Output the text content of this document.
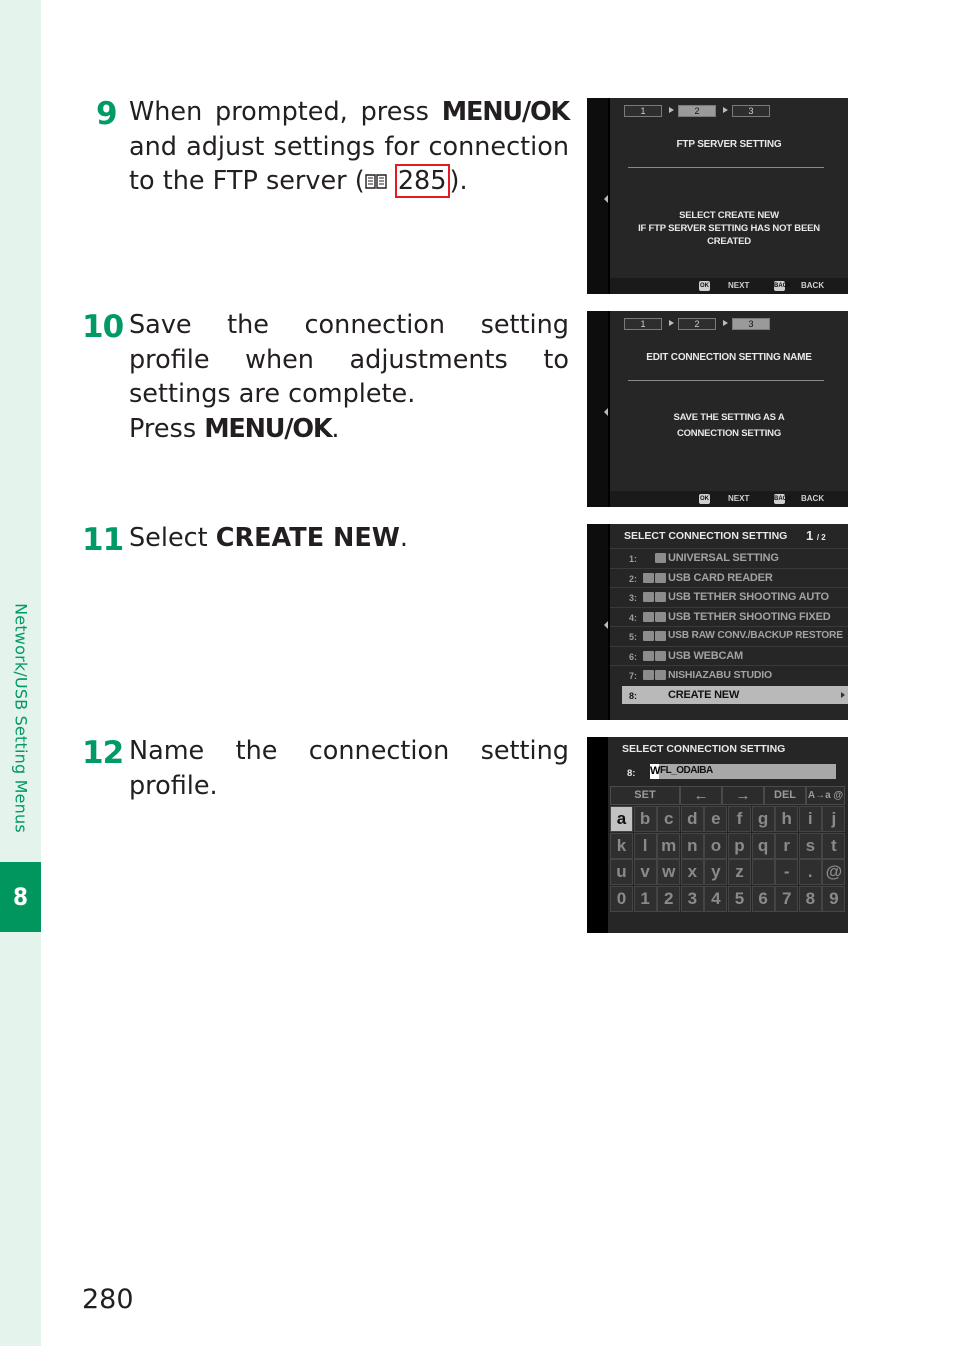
Network/USB Setting Menus
8
9 When prompted, press MENU/OK and adjust settings for connection to the FTP server ( 285 ).
10 Save the connection setting profile when adjustments to settings are complete.
Press MENU/OK.
11 Select CREATE NEW.
12 Name the connection setting profile.
1	2	3
FTP SERVER SETTING
SELECT CREATE NEW
IF FTP SERVER SETTING HAS NOT BEEN
CREATED
OK NEXT	BACK BACK
1	2	3
EDIT CONNECTION SETTING NAME
SAVE THE SETTING AS A
CONNECTION SETTING
OK NEXT	BACK BACK
SELECT CONNECTION SETTING 1 / 2
1:	UNIVERSAL SETTING
2:	USB CARD READER
3:	USB TETHER SHOOTING AUTO
4:	USB TETHER SHOOTING FIXED
5:	USB RAW CONV./BACKUP RESTORE
6:	USB WEBCAM
7:	NISHIAZABU STUDIO
8:	CREATE NEW
SELECT CONNECTION SETTING
8: W FL_ODAIBA
SET	←	→	DEL	A→a @
a b c d e f g h i	j
k l m n o p q r s t
u v w x y z	-	. @
0 1 2 3 4 5 6 7 8 9
280
